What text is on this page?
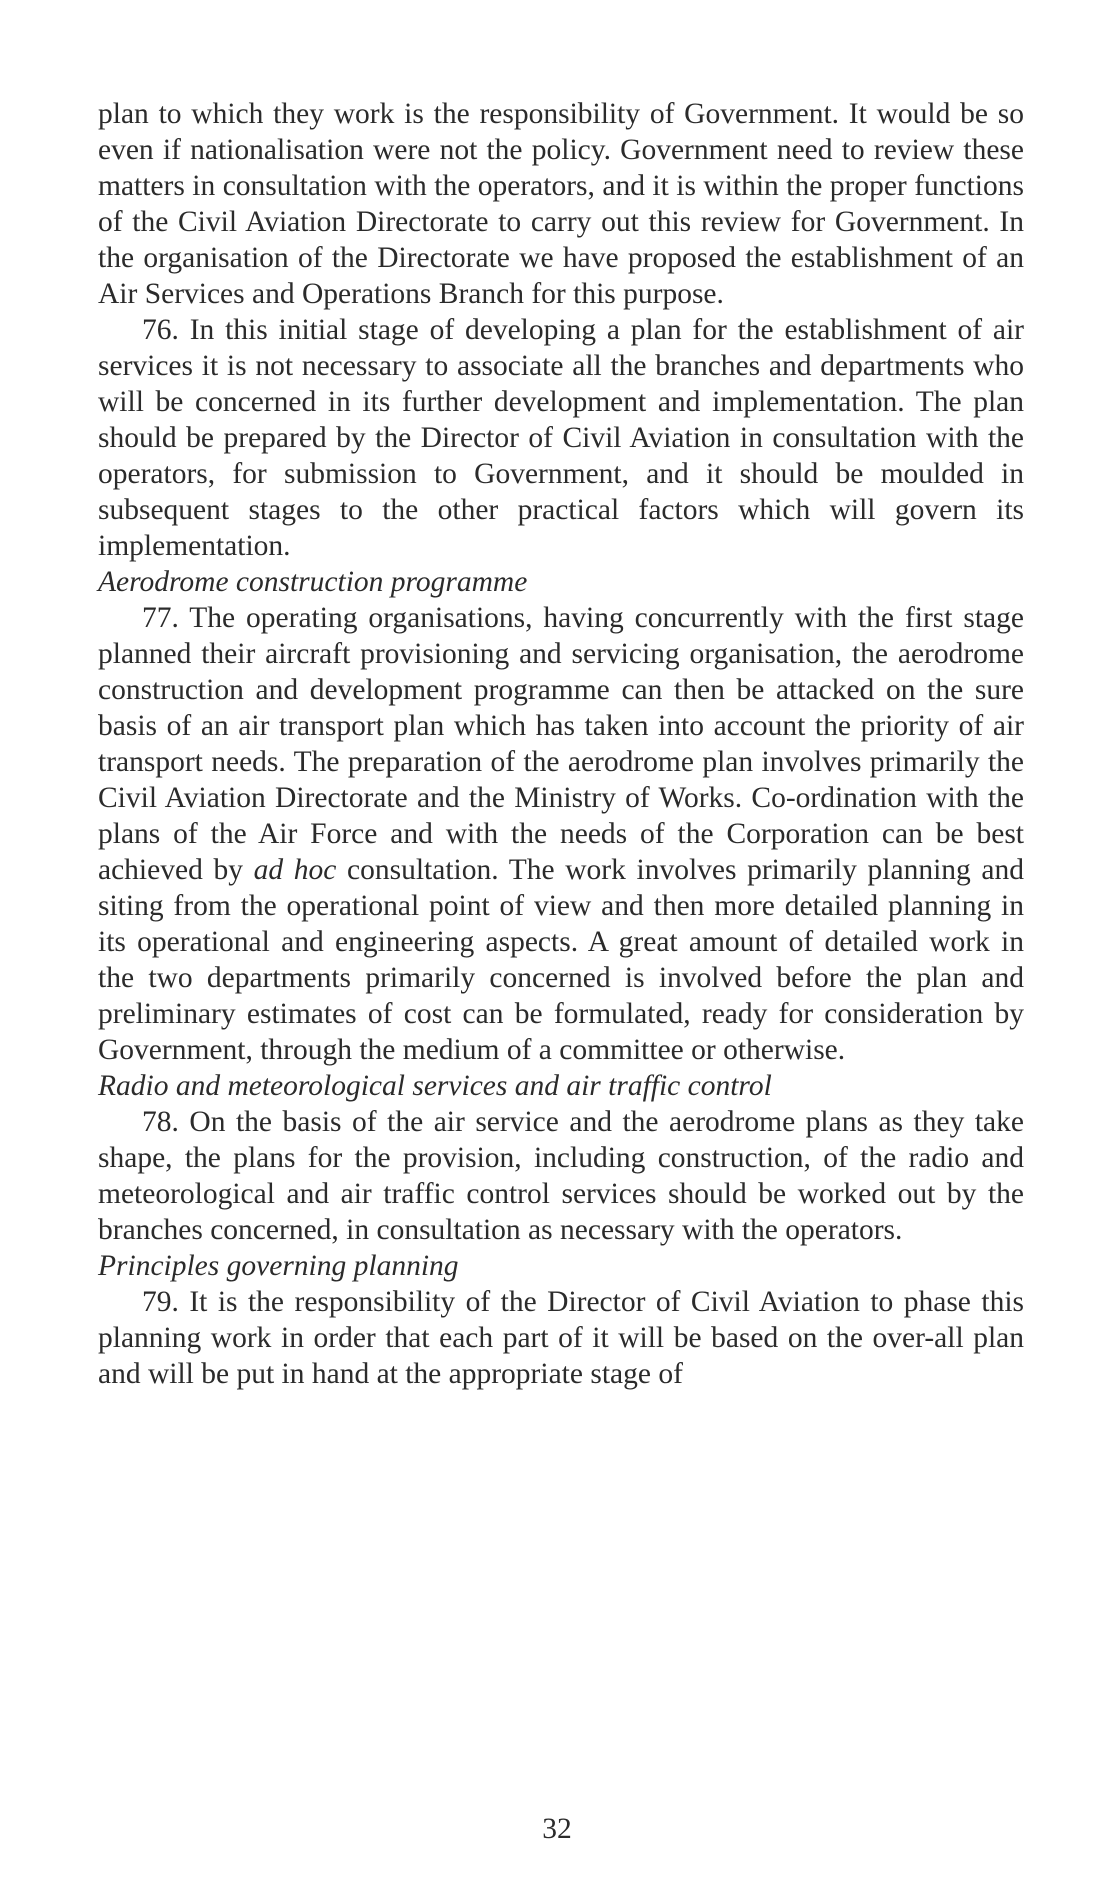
plan to which they work is the responsibility of Government. It would be so even if nationalisation were not the policy. Government need to review these matters in consultation with the operators, and it is within the proper functions of the Civil Aviation Directorate to carry out this review for Government. In the organisation of the Directorate we have proposed the establishment of an Air Services and Operations Branch for this purpose.

76. In this initial stage of developing a plan for the establishment of air services it is not necessary to associate all the branches and departments who will be concerned in its further development and implementation. The plan should be prepared by the Director of Civil Aviation in consultation with the operators, for submission to Government, and it should be moulded in subsequent stages to the other practical factors which will govern its implementation.

Aerodrome construction programme

77. The operating organisations, having concurrently with the first stage planned their aircraft provisioning and servicing organisation, the aerodrome construction and development programme can then be attacked on the sure basis of an air transport plan which has taken into account the priority of air transport needs. The preparation of the aerodrome plan involves primarily the Civil Aviation Directorate and the Ministry of Works. Co-ordination with the plans of the Air Force and with the needs of the Corporation can be best achieved by ad hoc consultation. The work involves primarily planning and siting from the operational point of view and then more detailed planning in its operational and engineering aspects. A great amount of detailed work in the two departments primarily concerned is involved before the plan and preliminary estimates of cost can be formulated, ready for consideration by Government, through the medium of a committee or otherwise.

Radio and meteorological services and air traffic control

78. On the basis of the air service and the aerodrome plans as they take shape, the plans for the provision, including construction, of the radio and meteorological and air traffic control services should be worked out by the branches concerned, in consultation as necessary with the operators.

Principles governing planning

79. It is the responsibility of the Director of Civil Aviation to phase this planning work in order that each part of it will be based on the over-all plan and will be put in hand at the appropriate stage of

32
